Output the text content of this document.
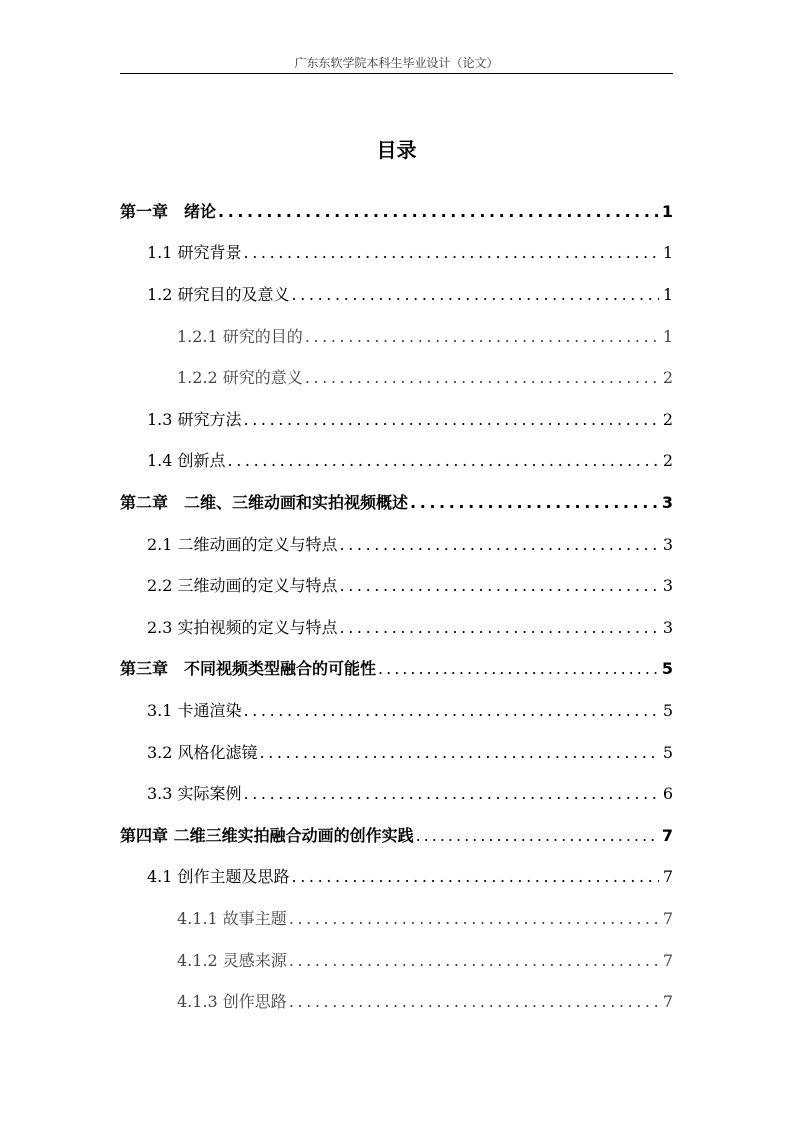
广东东软学院本科生毕业设计（论文）
目录
第一章　绪论 .....	1
1.1 研究背景 .....	1
1.2 研究目的及意义 .....	1
1.2.1 研究的目的 .....	1
1.2.2 研究的意义 .....	2
1.3 研究方法 .....	2
1.4 创新点 .....	2
第二章　二维、三维动画和实拍视频概述 .....	3
2.1 二维动画的定义与特点 .....	3
2.2 三维动画的定义与特点 .....	3
2.3 实拍视频的定义与特点 .....	3
第三章　不同视频类型融合的可能性 .....	5
3.1 卡通渲染 .....	5
3.2 风格化滤镜 .....	5
3.3 实际案例 .....	6
第四章 二维三维实拍融合动画的创作实践 .....	7
4.1 创作主题及思路 .....	7
4.1.1 故事主题 .....	7
4.1.2 灵感来源 .....	7
4.1.3 创作思路 .....	7
